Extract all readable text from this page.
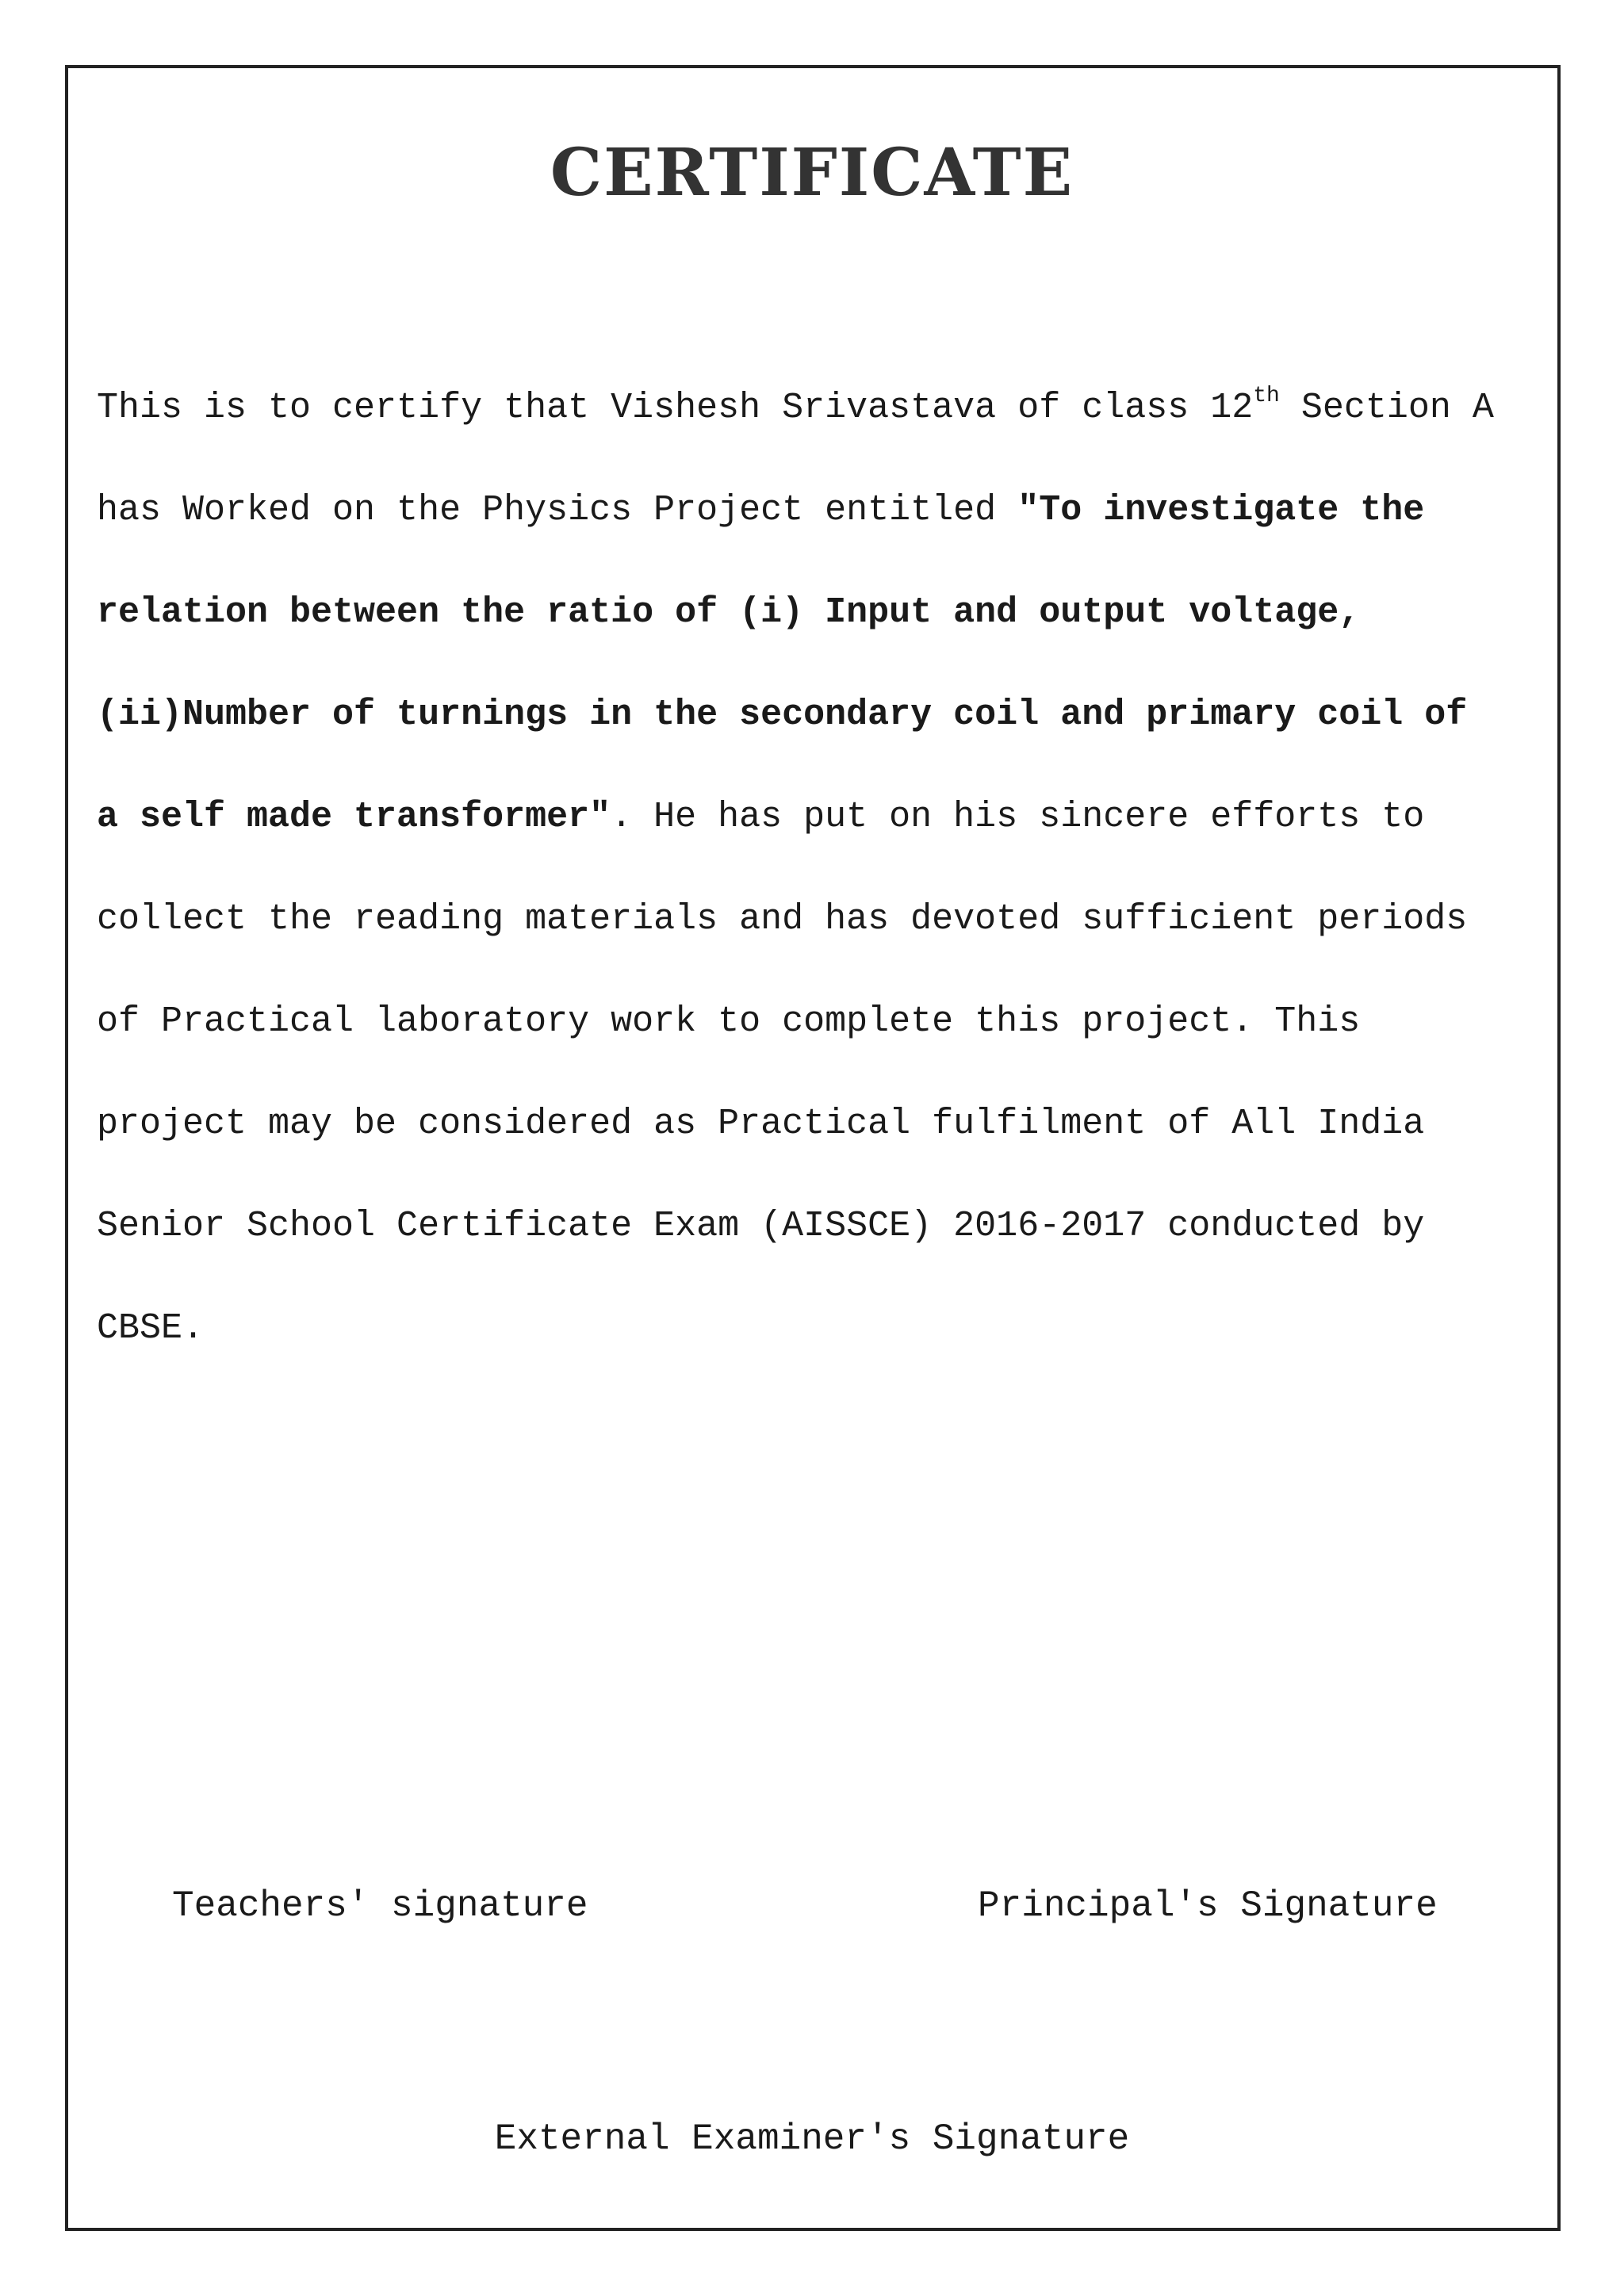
CERTIFICATE

This is to certify that Vishesh Srivastava of class 12th Section A

has Worked on the Physics Project entitled "To investigate the

relation between the ratio of (i) Input and output voltage,

(ii)Number of turnings in the secondary coil and primary coil of

a self made transformer". He has put on his sincere efforts to

collect the reading materials and has devoted sufficient periods

of Practical laboratory work to complete this project. This

project may be considered as Practical fulfilment of All India

Senior School Certificate Exam (AISSCE) 2016-2017 conducted by

CBSE.

Teachers' signature	Principal's Signature
External Examiner's Signature
